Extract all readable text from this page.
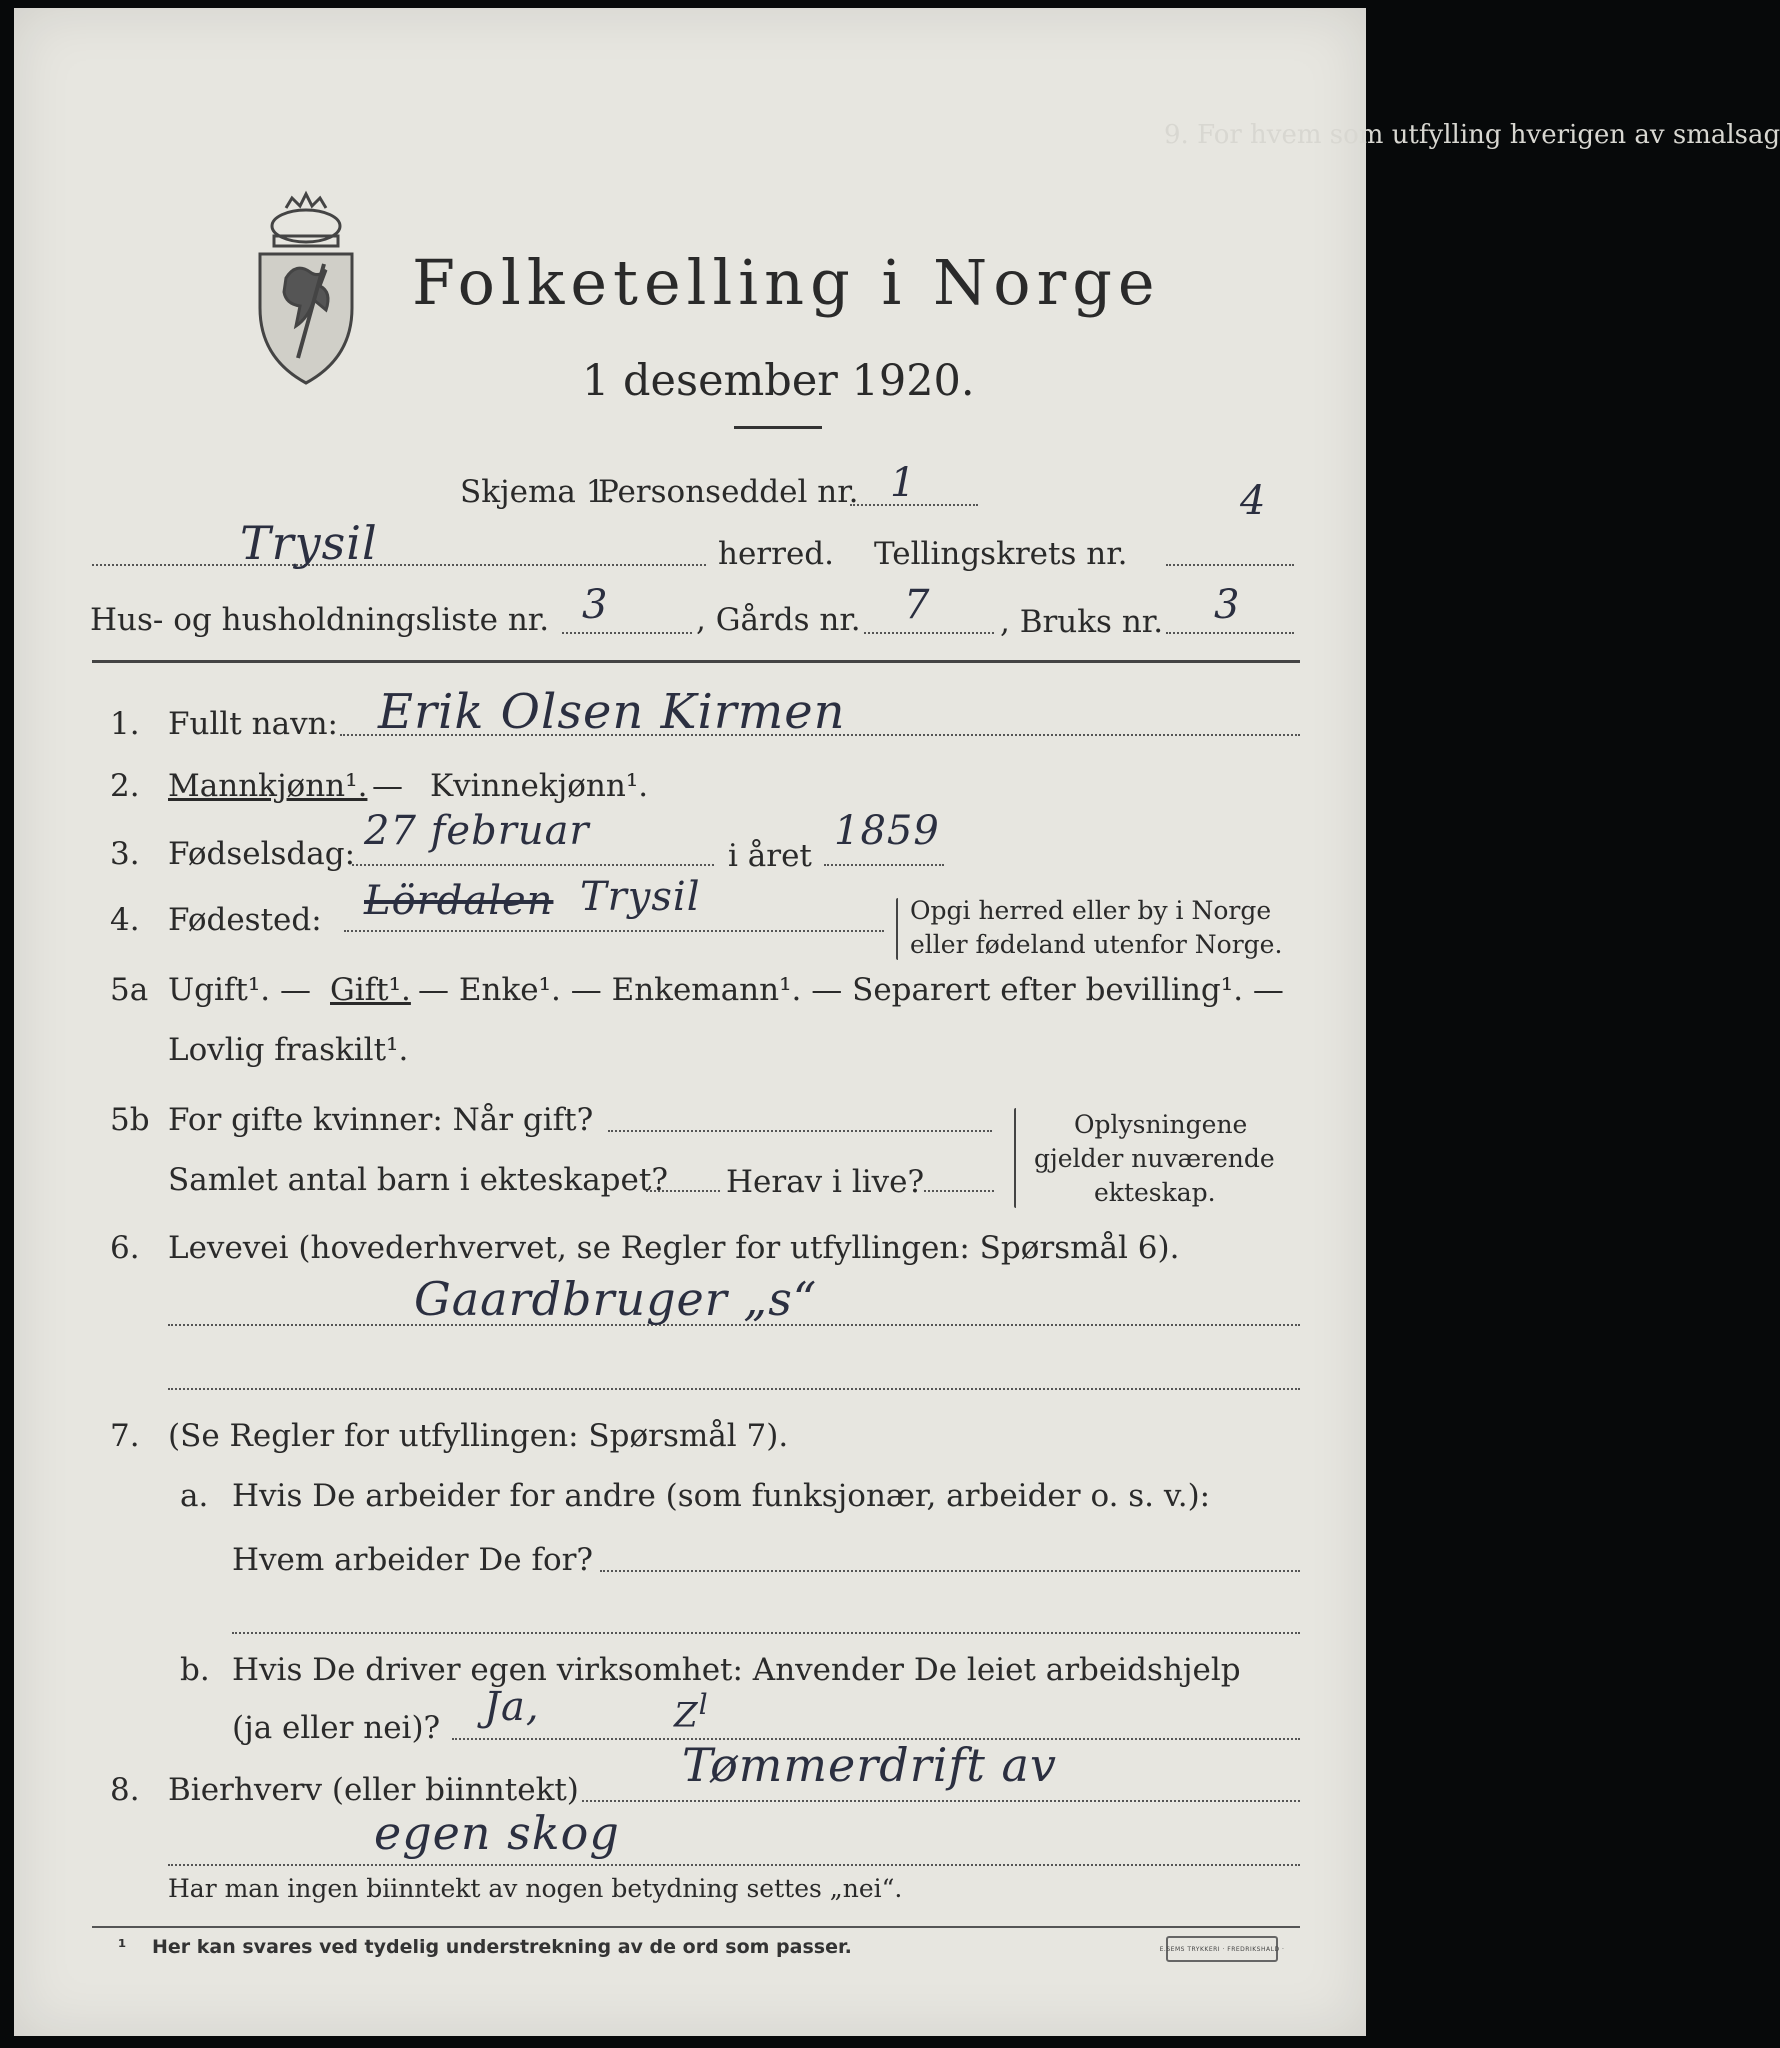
9. For hvem som utfylling hverigen av smalsag
Folketelling i Norge
1 desember 1920.
Skjema 1.
Personseddel nr. 1
Trysil	herred. Tellingskrets nr.
4
Hus- og husholdningsliste nr. 3	, Gårds nr. 7 , Bruks nr. 3
1. Fullt navn: Erik Olsen Kirmen
2. Mannkjønn¹. — Kvinnekjønn¹.
3. Fødselsdag: 27 februar
i året
1859
4. Fødested: Lördalen Trysil	Opgi herred eller by i Norge
eller fødeland utenfor Norge.
5a Ugift¹. — Gift¹. — Enke¹. — Enkemann¹. — Separert efter bevilling¹. —
Lovlig fraskilt¹.
5b For gifte kvinner: Når gift?
Samlet antal barn i ekteskapet? Herav i live?
Oplysningene
gjelder nuværende
ekteskap.
6. Levevei (hovederhvervet, se Regler for utfyllingen: Spørsmål 6).
Gaardbruger „s“
7. (Se Regler for utfyllingen: Spørsmål 7).
a. Hvis De arbeider for andre (som funksjonær, arbeider o. s. v.):
Hvem arbeider De for?
b. Hvis De driver egen virksomhet: Anvender De leiet arbeidshjelp
(ja eller nei)? Ja,	$Z^l$
8. Bierhverv (eller biinntekt) Tømmerdrift av
egen skog
Har man ingen biinntekt av nogen betydning settes „nei“.
¹ Her kan svares ved tydelig understrekning av de ord som passer.	E.SEMS TRYKKERI · FREDRIKSHALD ·
